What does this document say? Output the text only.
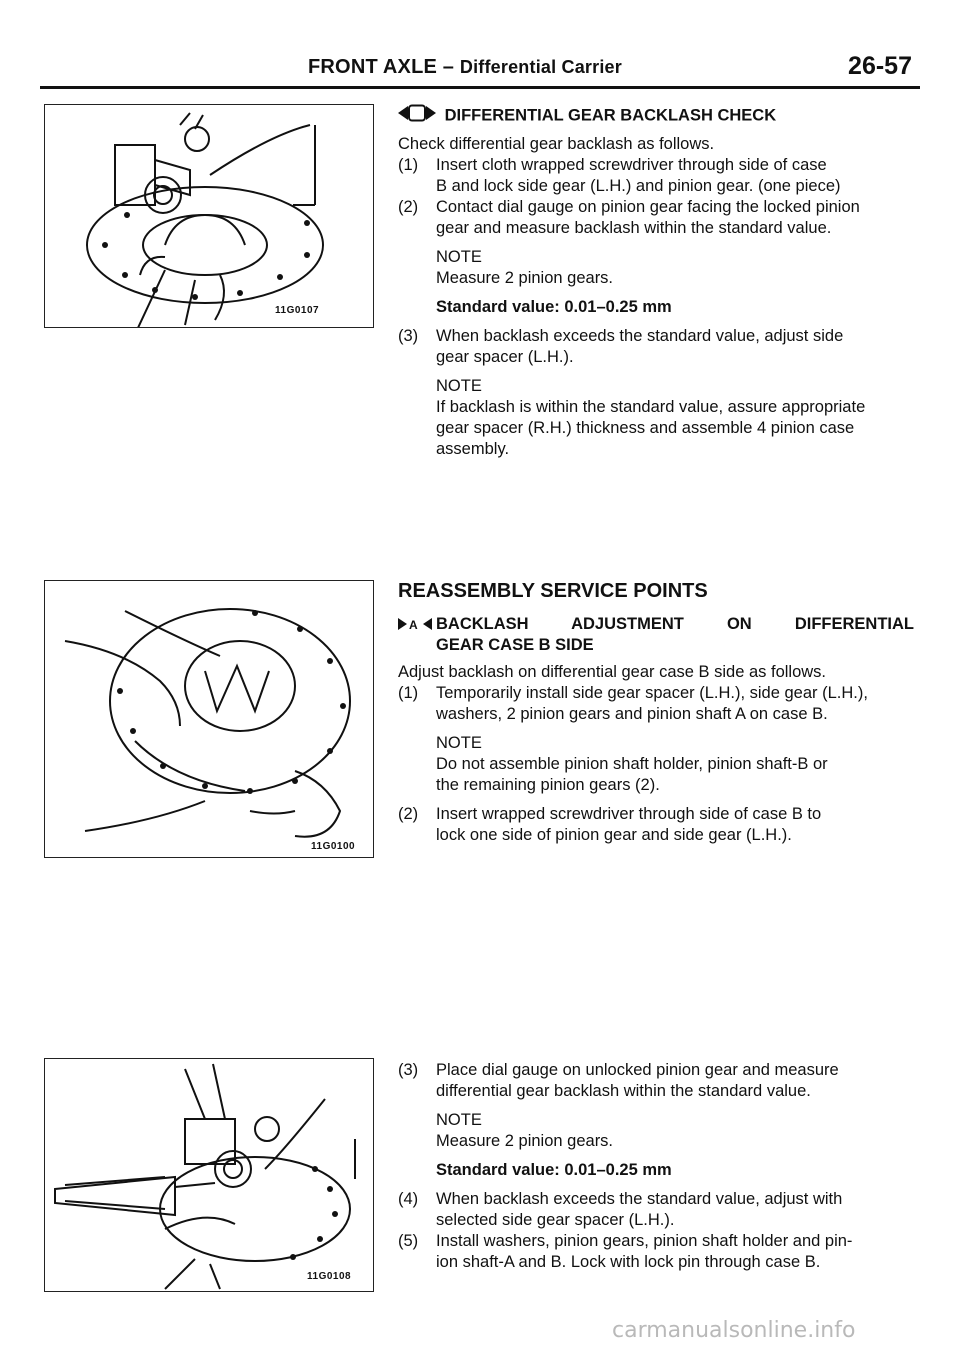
FRONT AXLE – Differential Carrier	26-57
11G0107
11G0100
11G0108
DIFFERENTIAL GEAR BACKLASH CHECK

Check differential gear backlash as follows.

(1) Insert cloth wrapped screwdriver through side of case
B and lock side gear (L.H.) and pinion gear. (one piece)
(2) Contact dial gauge on pinion gear facing the locked pinion
gear and measure backlash within the standard value.
NOTE
Measure 2 pinion gears.
Standard value: 0.01–0.25 mm
(3) When backlash exceeds the standard value, adjust side
gear spacer (L.H.).
NOTE
If backlash is within the standard value, assure appropriate
gear spacer (R.H.) thickness and assemble 4 pinion case
assembly.
REASSEMBLY SERVICE POINTS
A BACKLASH ADJUSTMENT ON DIFFERENTIAL
GEAR CASE B SIDE

Adjust backlash on differential gear case B side as follows.

(1) Temporarily install side gear spacer (L.H.), side gear (L.H.),
washers, 2 pinion gears and pinion shaft A on case B.
NOTE
Do not assemble pinion shaft holder, pinion shaft-B or
the remaining pinion gears (2).
(2) Insert wrapped screwdriver through side of case B to
lock one side of pinion gear and side gear (L.H.).
(3) Place dial gauge on unlocked pinion gear and measure
differential gear backlash within the standard value.
NOTE
Measure 2 pinion gears.
Standard value: 0.01–0.25 mm
(4) When backlash exceeds the standard value, adjust with
selected side gear spacer (L.H.).
(5) Install washers, pinion gears, pinion shaft holder and pin-
ion shaft-A and B. Lock with lock pin through case B.
carmanualsonline.info
